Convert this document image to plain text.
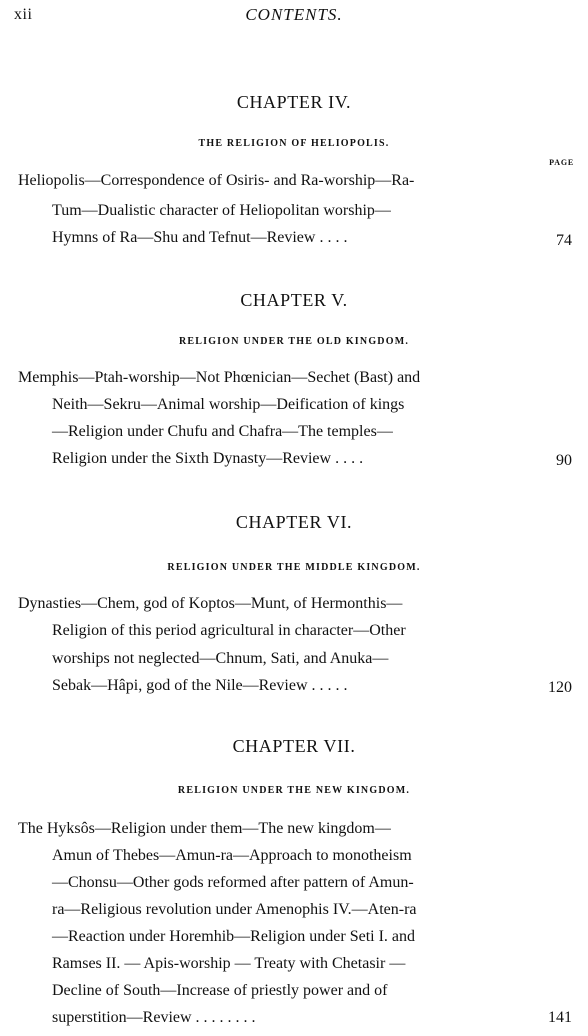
xii	CONTENTS.
CHAPTER IV.
THE RELIGION OF HELIOPOLIS.
PAGE
Heliopolis—Correspondence of Osiris- and Ra-worship—Ra-
Tum—Dualistic character of Heliopolitan worship—
Hymns of Ra—Shu and Tefnut—Review . . . .	74
CHAPTER V.
RELIGION UNDER THE OLD KINGDOM.
Memphis—Ptah-worship—Not Phœnician—Sechet (Bast) and
Neith—Sekru—Animal worship—Deification of kings
—Religion under Chufu and Chafra—The temples—
Religion under the Sixth Dynasty—Review . . . .	90
CHAPTER VI.
RELIGION UNDER THE MIDDLE KINGDOM.
Dynasties—Chem, god of Koptos—Munt, of Hermonthis—
Religion of this period agricultural in character—Other
worships not neglected—Chnum, Sati, and Anuka—
Sebak—Hâpi, god of the Nile—Review . . . . .	120
CHAPTER VII.
RELIGION UNDER THE NEW KINGDOM.
The Hyksôs—Religion under them—The new kingdom—
Amun of Thebes—Amun-ra—Approach to monotheism
—Chonsu—Other gods reformed after pattern of Amun-
ra—Religious revolution under Amenophis IV.—Aten-ra
—Reaction under Horemhib—Religion under Seti I. and
Ramses II. — Apis-worship — Treaty with Chetasir —
Decline of South—Increase of priestly power and of
superstition—Review . . . . . . . .	141
